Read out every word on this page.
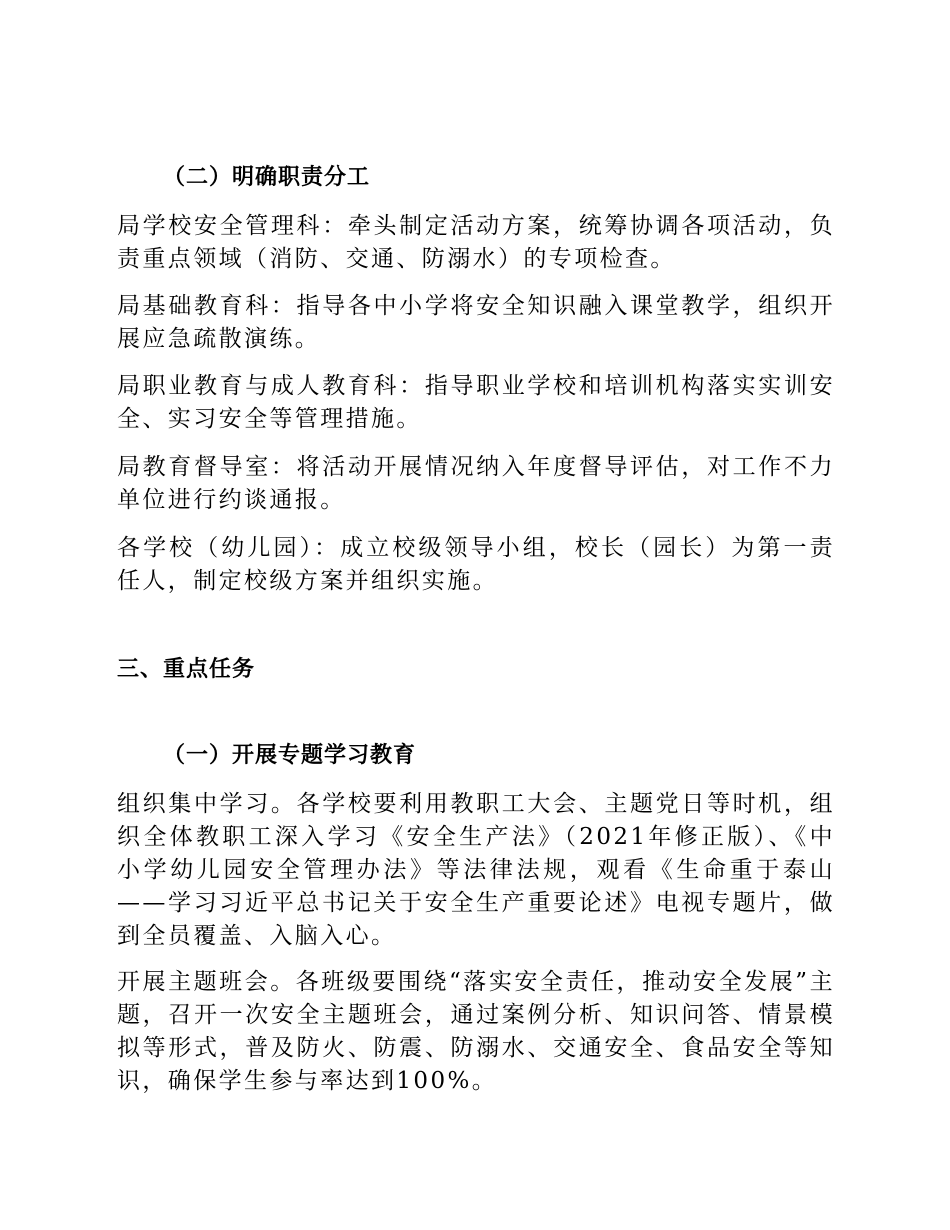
（二）明确职责分工

局学校安全管理科：牵头制定活动方案，统筹协调各项活动，负责重点领域（消防、交通、防溺水）的专项检查。

局基础教育科：指导各中小学将安全知识融入课堂教学，组织开展应急疏散演练。

局职业教育与成人教育科：指导职业学校和培训机构落实实训安全、实习安全等管理措施。

局教育督导室：将活动开展情况纳入年度督导评估，对工作不力单位进行约谈通报。

各学校（幼儿园）：成立校级领导小组，校长（园长）为第一责任人，制定校级方案并组织实施。

三、重点任务
（一）开展专题学习教育

组织集中学习。各学校要利用教职工大会、主题党日等时机，组织全体教职工深入学习《安全生产法》（2021年修正版）、《中小学幼儿园安全管理办法》等法律法规，观看《生命重于泰山——学习习近平总书记关于安全生产重要论述》电视专题片，做到全员覆盖、入脑入心。

开展主题班会。各班级要围绕“落实安全责任，推动安全发展”主题，召开一次安全主题班会，通过案例分析、知识问答、情景模拟等形式，普及防火、防震、防溺水、交通安全、食品安全等知识，确保学生参与率达到100%。
